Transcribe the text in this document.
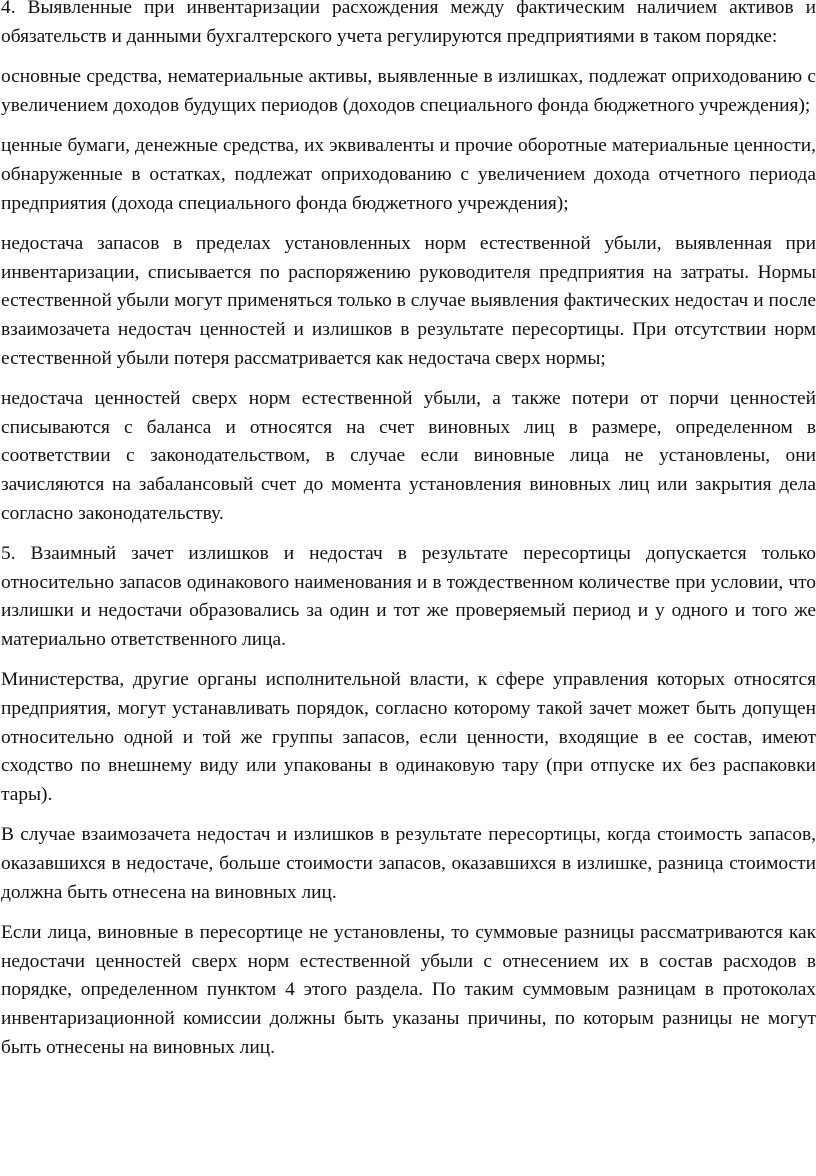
4. Выявленные при инвентаризации расхождения между фактическим наличием активов и обязательств и данными бухгалтерского учета регулируются предприятиями в таком порядке:

основные средства, нематериальные активы, выявленные в излишках, подлежат оприходованию с увеличением доходов будущих периодов (доходов специального фонда бюджетного учреждения);

ценные бумаги, денежные средства, их эквиваленты и прочие оборотные материальные ценности, обнаруженные в остатках, подлежат оприходованию с увеличением дохода отчетного периода предприятия (дохода специального фонда бюджетного учреждения);

недостача запасов в пределах установленных норм естественной убыли, выявленная при инвентаризации, списывается по распоряжению руководителя предприятия на затраты. Нормы естественной убыли могут применяться только в случае выявления фактических недостач и после взаимозачета недостач ценностей и излишков в результате пересортицы. При отсутствии норм естественной убыли потеря рассматривается как недостача сверх нормы;

недостача ценностей сверх норм естественной убыли, а также потери от порчи ценностей списываются с баланса и относятся на счет виновных лиц в размере, определенном в соответствии с законодательством, в случае если виновные лица не установлены, они зачисляются на забалансовый счет до момента установления виновных лиц или закрытия дела согласно законодательству.

5. Взаимный зачет излишков и недостач в результате пересортицы допускается только относительно запасов одинакового наименования и в тождественном количестве при условии, что излишки и недостачи образовались за один и тот же проверяемый период и у одного и того же материально ответственного лица.

Министерства, другие органы исполнительной власти, к сфере управления которых относятся предприятия, могут устанавливать порядок, согласно которому такой зачет может быть допущен относительно одной и той же группы запасов, если ценности, входящие в ее состав, имеют сходство по внешнему виду или упакованы в одинаковую тару (при отпуске их без распаковки тары).

В случае взаимозачета недостач и излишков в результате пересортицы, когда стоимость запасов, оказавшихся в недостаче, больше стоимости запасов, оказавшихся в излишке, разница стоимости должна быть отнесена на виновных лиц.

Если лица, виновные в пересортице не установлены, то суммовые разницы рассматриваются как недостачи ценностей сверх норм естественной убыли с отнесением их в состав расходов в порядке, определенном пунктом 4 этого раздела. По таким суммовым разницам в протоколах инвентаризационной комиссии должны быть указаны причины, по которым разницы не могут быть отнесены на виновных лиц.
